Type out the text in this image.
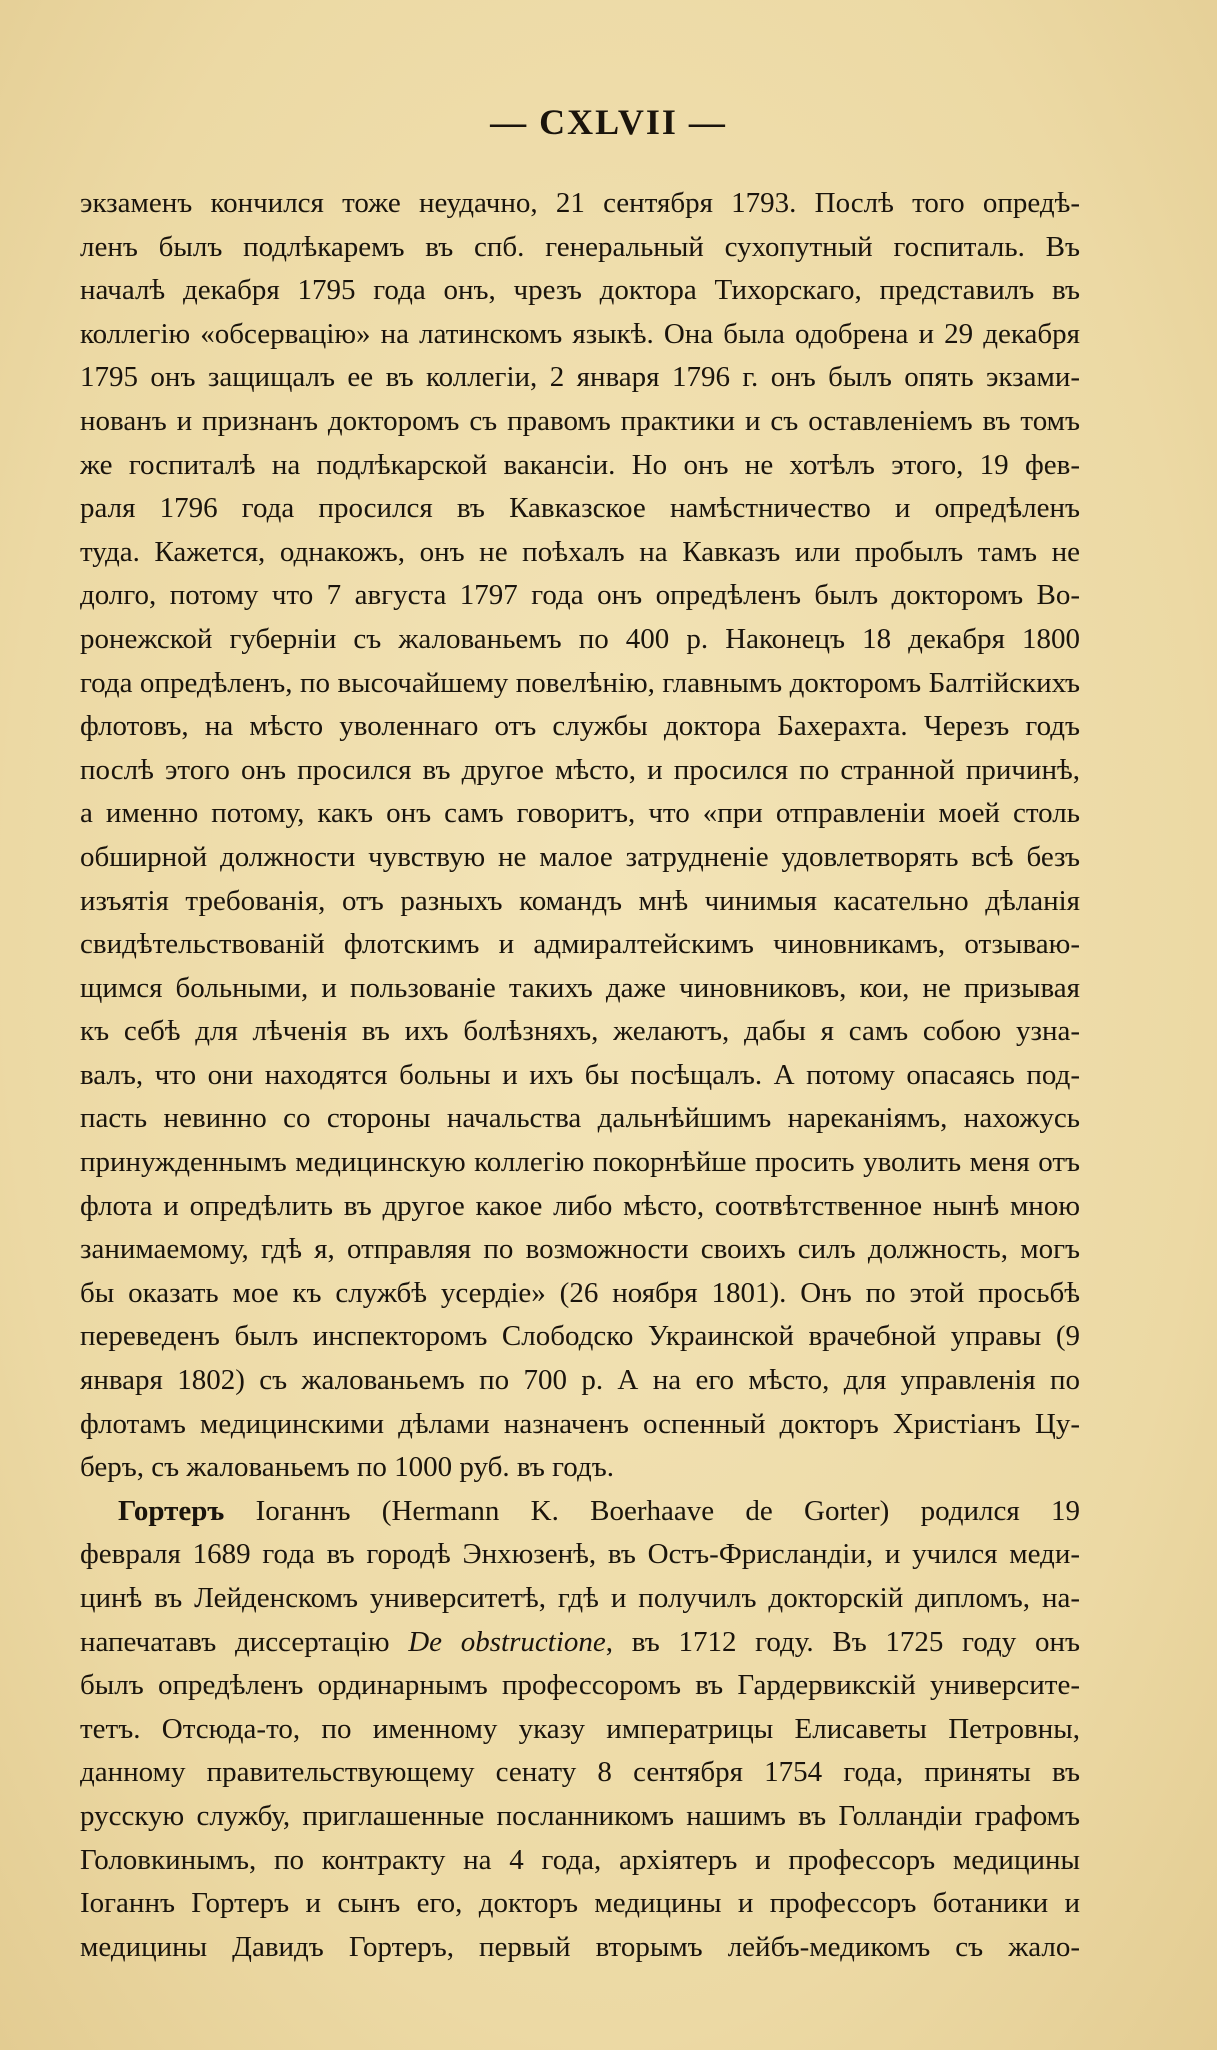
— CXLVII —
экзаменъ кончился тоже неудачно, 21 сентября 1793. Послѣ того опредѣ-
ленъ былъ подлѣкаремъ въ спб. генеральный сухопутный госпиталь. Въ
началѣ декабря 1795 года онъ, чрезъ доктора Тихорскаго, представилъ въ
коллегію «обсервацію» на латинскомъ языкѣ. Она была одобрена и 29 декабря
1795 онъ защищалъ ее въ коллегіи, 2 января 1796 г. онъ былъ опять экзами-
нованъ и признанъ докторомъ съ правомъ практики и съ оставленіемъ въ томъ
же госпиталѣ на подлѣкарской вакансіи. Но онъ не хотѣлъ этого, 19 фев-
раля 1796 года просился въ Кавказское намѣстничество и опредѣленъ
туда. Кажется, однакожъ, онъ не поѣхалъ на Кавказъ или пробылъ тамъ не
долго, потому что 7 августа 1797 года онъ опредѣленъ былъ докторомъ Во-
ронежской губерніи съ жалованьемъ по 400 р. Наконецъ 18 декабря 1800
года опредѣленъ, по высочайшему повелѣнію, главнымъ докторомъ Балтійскихъ
флотовъ, на мѣсто уволеннаго отъ службы доктора Бахерахта. Черезъ годъ
послѣ этого онъ просился въ другое мѣсто, и просился по странной причинѣ,
а именно потому, какъ онъ самъ говоритъ, что «при отправленіи моей столь
обширной должности чувствую не малое затрудненіе удовлетворять всѣ безъ
изъятія требованія, отъ разныхъ командъ мнѣ чинимыя касательно дѣланія
свидѣтельствованій флотскимъ и адмиралтейскимъ чиновникамъ, отзываю-
щимся больными, и пользованіе такихъ даже чиновниковъ, кои, не призывая
къ себѣ для лѣченія въ ихъ болѣзняхъ, желаютъ, дабы я самъ собою узна-
валъ, что они находятся больны и ихъ бы посѣщалъ. А потому опасаясь под-
пасть невинно со стороны начальства дальнѣйшимъ нареканіямъ, нахожусь
принужденнымъ медицинскую коллегію покорнѣйше просить уволить меня отъ
флота и опредѣлить въ другое какое либо мѣсто, соотвѣтственное нынѣ мною
занимаемому, гдѣ я, отправляя по возможности своихъ силъ должность, могъ
бы оказать мое къ службѣ усердіе» (26 ноября 1801). Онъ по этой просьбѣ
переведенъ былъ инспекторомъ Слободско Украинской врачебной управы (9
января 1802) съ жалованьемъ по 700 р. А на его мѣсто, для управленія по
флотамъ медицинскими дѣлами назначенъ оспенный докторъ Христіанъ Цу-
беръ, съ жалованьемъ по 1000 руб. въ годъ.
Гортеръ Іоганнъ (Hermann K. Boerhaave de Gorter) родился 19
февраля 1689 года въ городѣ Энхюзенѣ, въ Остъ-Фрисландіи, и учился меди-
цинѣ въ Лейденскомъ университетѣ, гдѣ и получилъ докторскій дипломъ, на-
напечатавъ диссертацію De obstructione, въ 1712 году. Въ 1725 году онъ
былъ опредѣленъ ординарнымъ профессоромъ въ Гардервикскій университе-
тетъ. Отсюда-то, по именному указу императрицы Елисаветы Петровны,
данному правительствующему сенату 8 сентября 1754 года, приняты въ
русскую службу, приглашенные посланникомъ нашимъ въ Голландіи графомъ
Головкинымъ, по контракту на 4 года, архіятеръ и профессоръ медицины
Іоганнъ Гортеръ и сынъ его, докторъ медицины и профессоръ ботаники и
медицины Давидъ Гортеръ, первый вторымъ лейбъ-медикомъ съ жало-
